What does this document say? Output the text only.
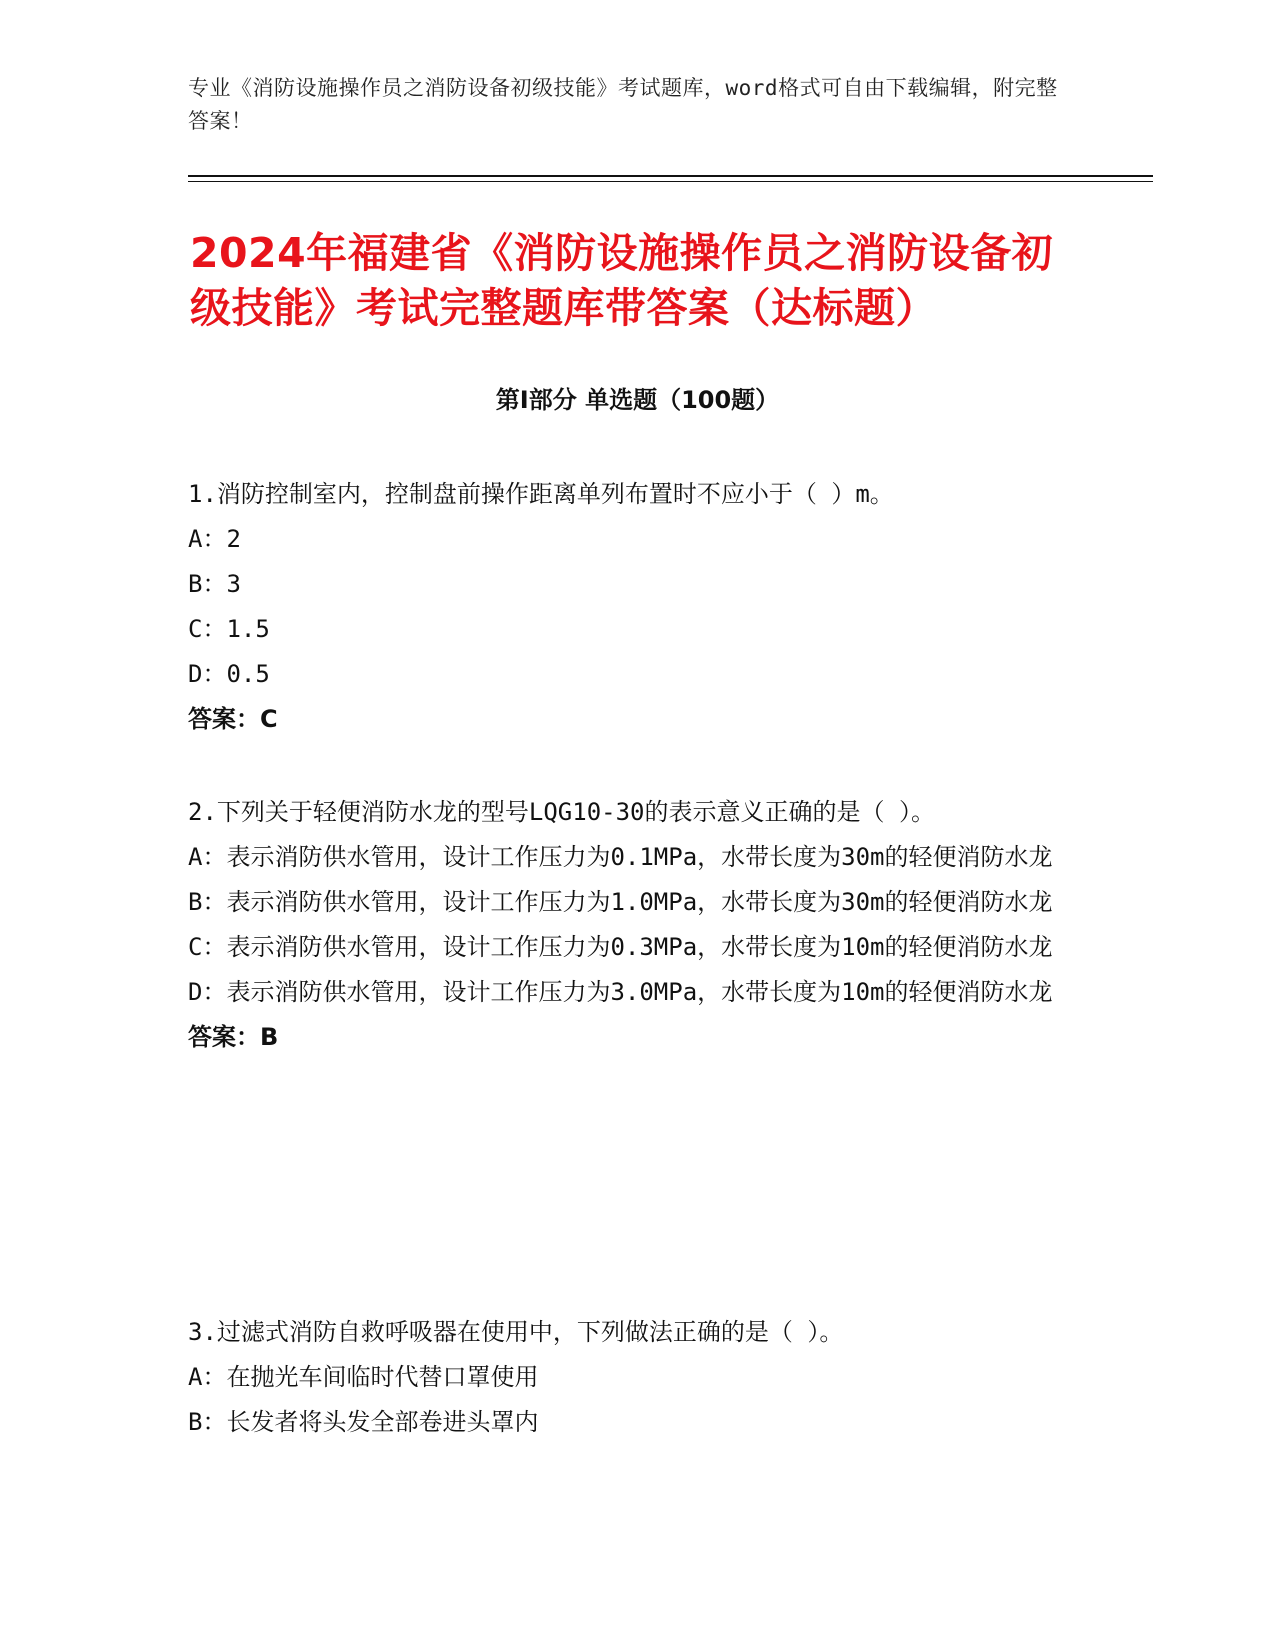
专业《消防设施操作员之消防设备初级技能》考试题库，word格式可自由下载编辑，附完整答案！
2024年福建省《消防设施操作员之消防设备初级技能》考试完整题库带答案（达标题）
第Ⅰ部分 单选题（100题）
1.消防控制室内，控制盘前操作距离单列布置时不应小于（ ）m。
A：2
B：3
C：1.5
D：0.5
答案：C
2.下列关于轻便消防水龙的型号LQG10-30的表示意义正确的是（ ）。
A：表示消防供水管用，设计工作压力为0.1MPa，水带长度为30m的轻便消防水龙
B：表示消防供水管用，设计工作压力为1.0MPa，水带长度为30m的轻便消防水龙
C：表示消防供水管用，设计工作压力为0.3MPa，水带长度为10m的轻便消防水龙
D：表示消防供水管用，设计工作压力为3.0MPa，水带长度为10m的轻便消防水龙
答案：B
3.过滤式消防自救呼吸器在使用中，下列做法正确的是（ ）。
A：在抛光车间临时代替口罩使用
B：长发者将头发全部卷进头罩内
